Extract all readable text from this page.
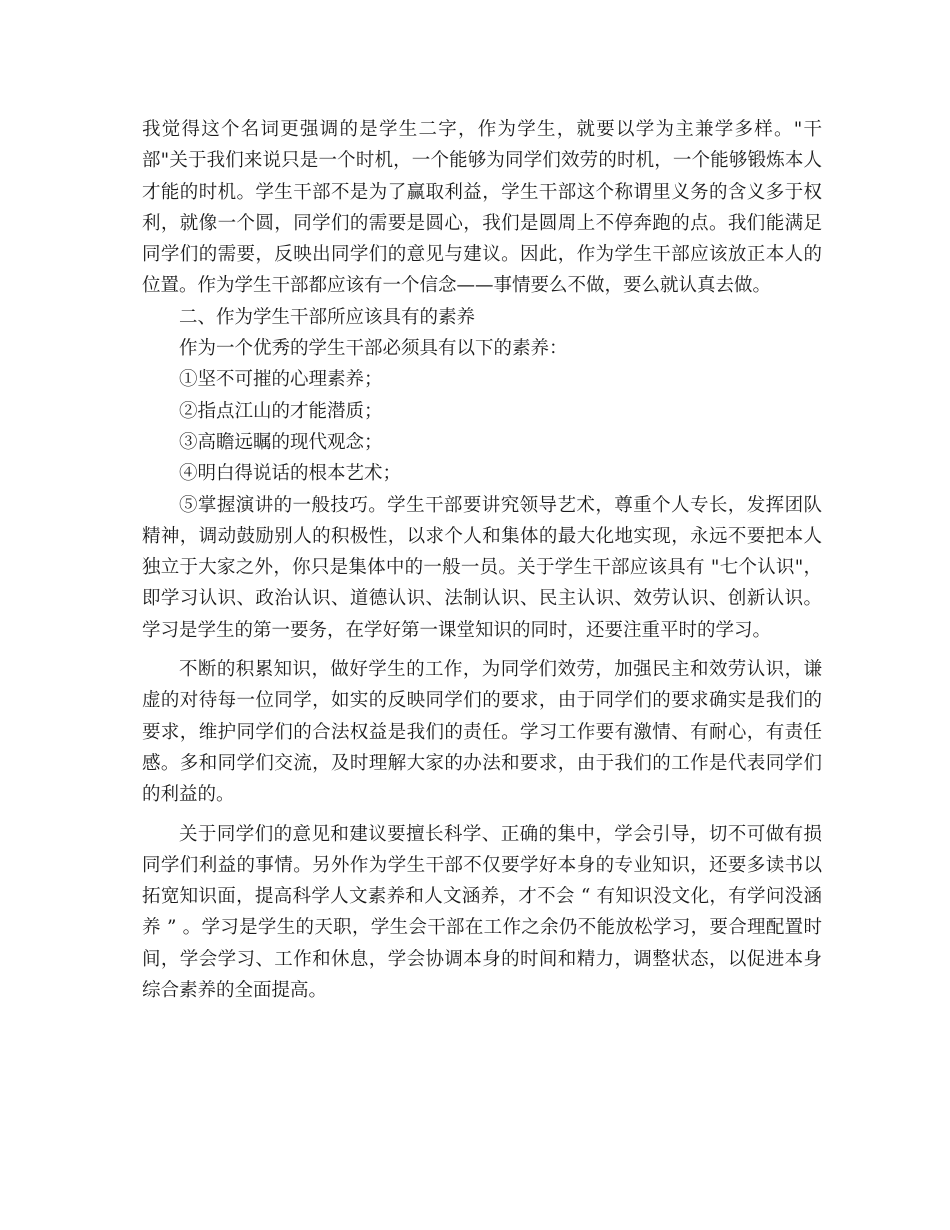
我觉得这个名词更强调的是学生二字，作为学生，就要以学为主兼学多样。"干部"关于我们来说只是一个时机，一个能够为同学们效劳的时机，一个能够锻炼本人才能的时机。学生干部不是为了赢取利益，学生干部这个称谓里义务的含义多于权利，就像一个圆，同学们的需要是圆心，我们是圆周上不停奔跑的点。我们能满足同学们的需要，反映出同学们的意见与建议。因此，作为学生干部应该放正本人的位置。作为学生干部都应该有一个信念——事情要么不做，要么就认真去做。

二、作为学生干部所应该具有的素养

作为一个优秀的学生干部必须具有以下的素养：

①坚不可摧的心理素养；

②指点江山的才能潜质；

③高瞻远瞩的现代观念；

④明白得说话的根本艺术；

⑤掌握演讲的一般技巧。学生干部要讲究领导艺术，尊重个人专长，发挥团队精神，调动鼓励别人的积极性，以求个人和集体的最大化地实现，永远不要把本人独立于大家之外，你只是集体中的一般一员。关于学生干部应该具有 "七个认识"，即学习认识、政治认识、道德认识、法制认识、民主认识、效劳认识、创新认识。学习是学生的第一要务，在学好第一课堂知识的同时，还要注重平时的学习。

不断的积累知识，做好学生的工作，为同学们效劳，加强民主和效劳认识，谦虚的对待每一位同学，如实的反映同学们的要求，由于同学们的要求确实是我们的要求，维护同学们的合法权益是我们的责任。学习工作要有激情、有耐心，有责任感。多和同学们交流，及时理解大家的办法和要求，由于我们的工作是代表同学们的利益的。

关于同学们的意见和建议要擅长科学、正确的集中，学会引导，切不可做有损同学们利益的事情。另外作为学生干部不仅要学好本身的专业知识，还要多读书以拓宽知识面，提高科学人文素养和人文涵养，才不会 “ 有知识没文化，有学问没涵养 ” 。学习是学生的天职，学生会干部在工作之余仍不能放松学习，要合理配置时间，学会学习、工作和休息，学会协调本身的时间和精力，调整状态，以促进本身综合素养的全面提高。
